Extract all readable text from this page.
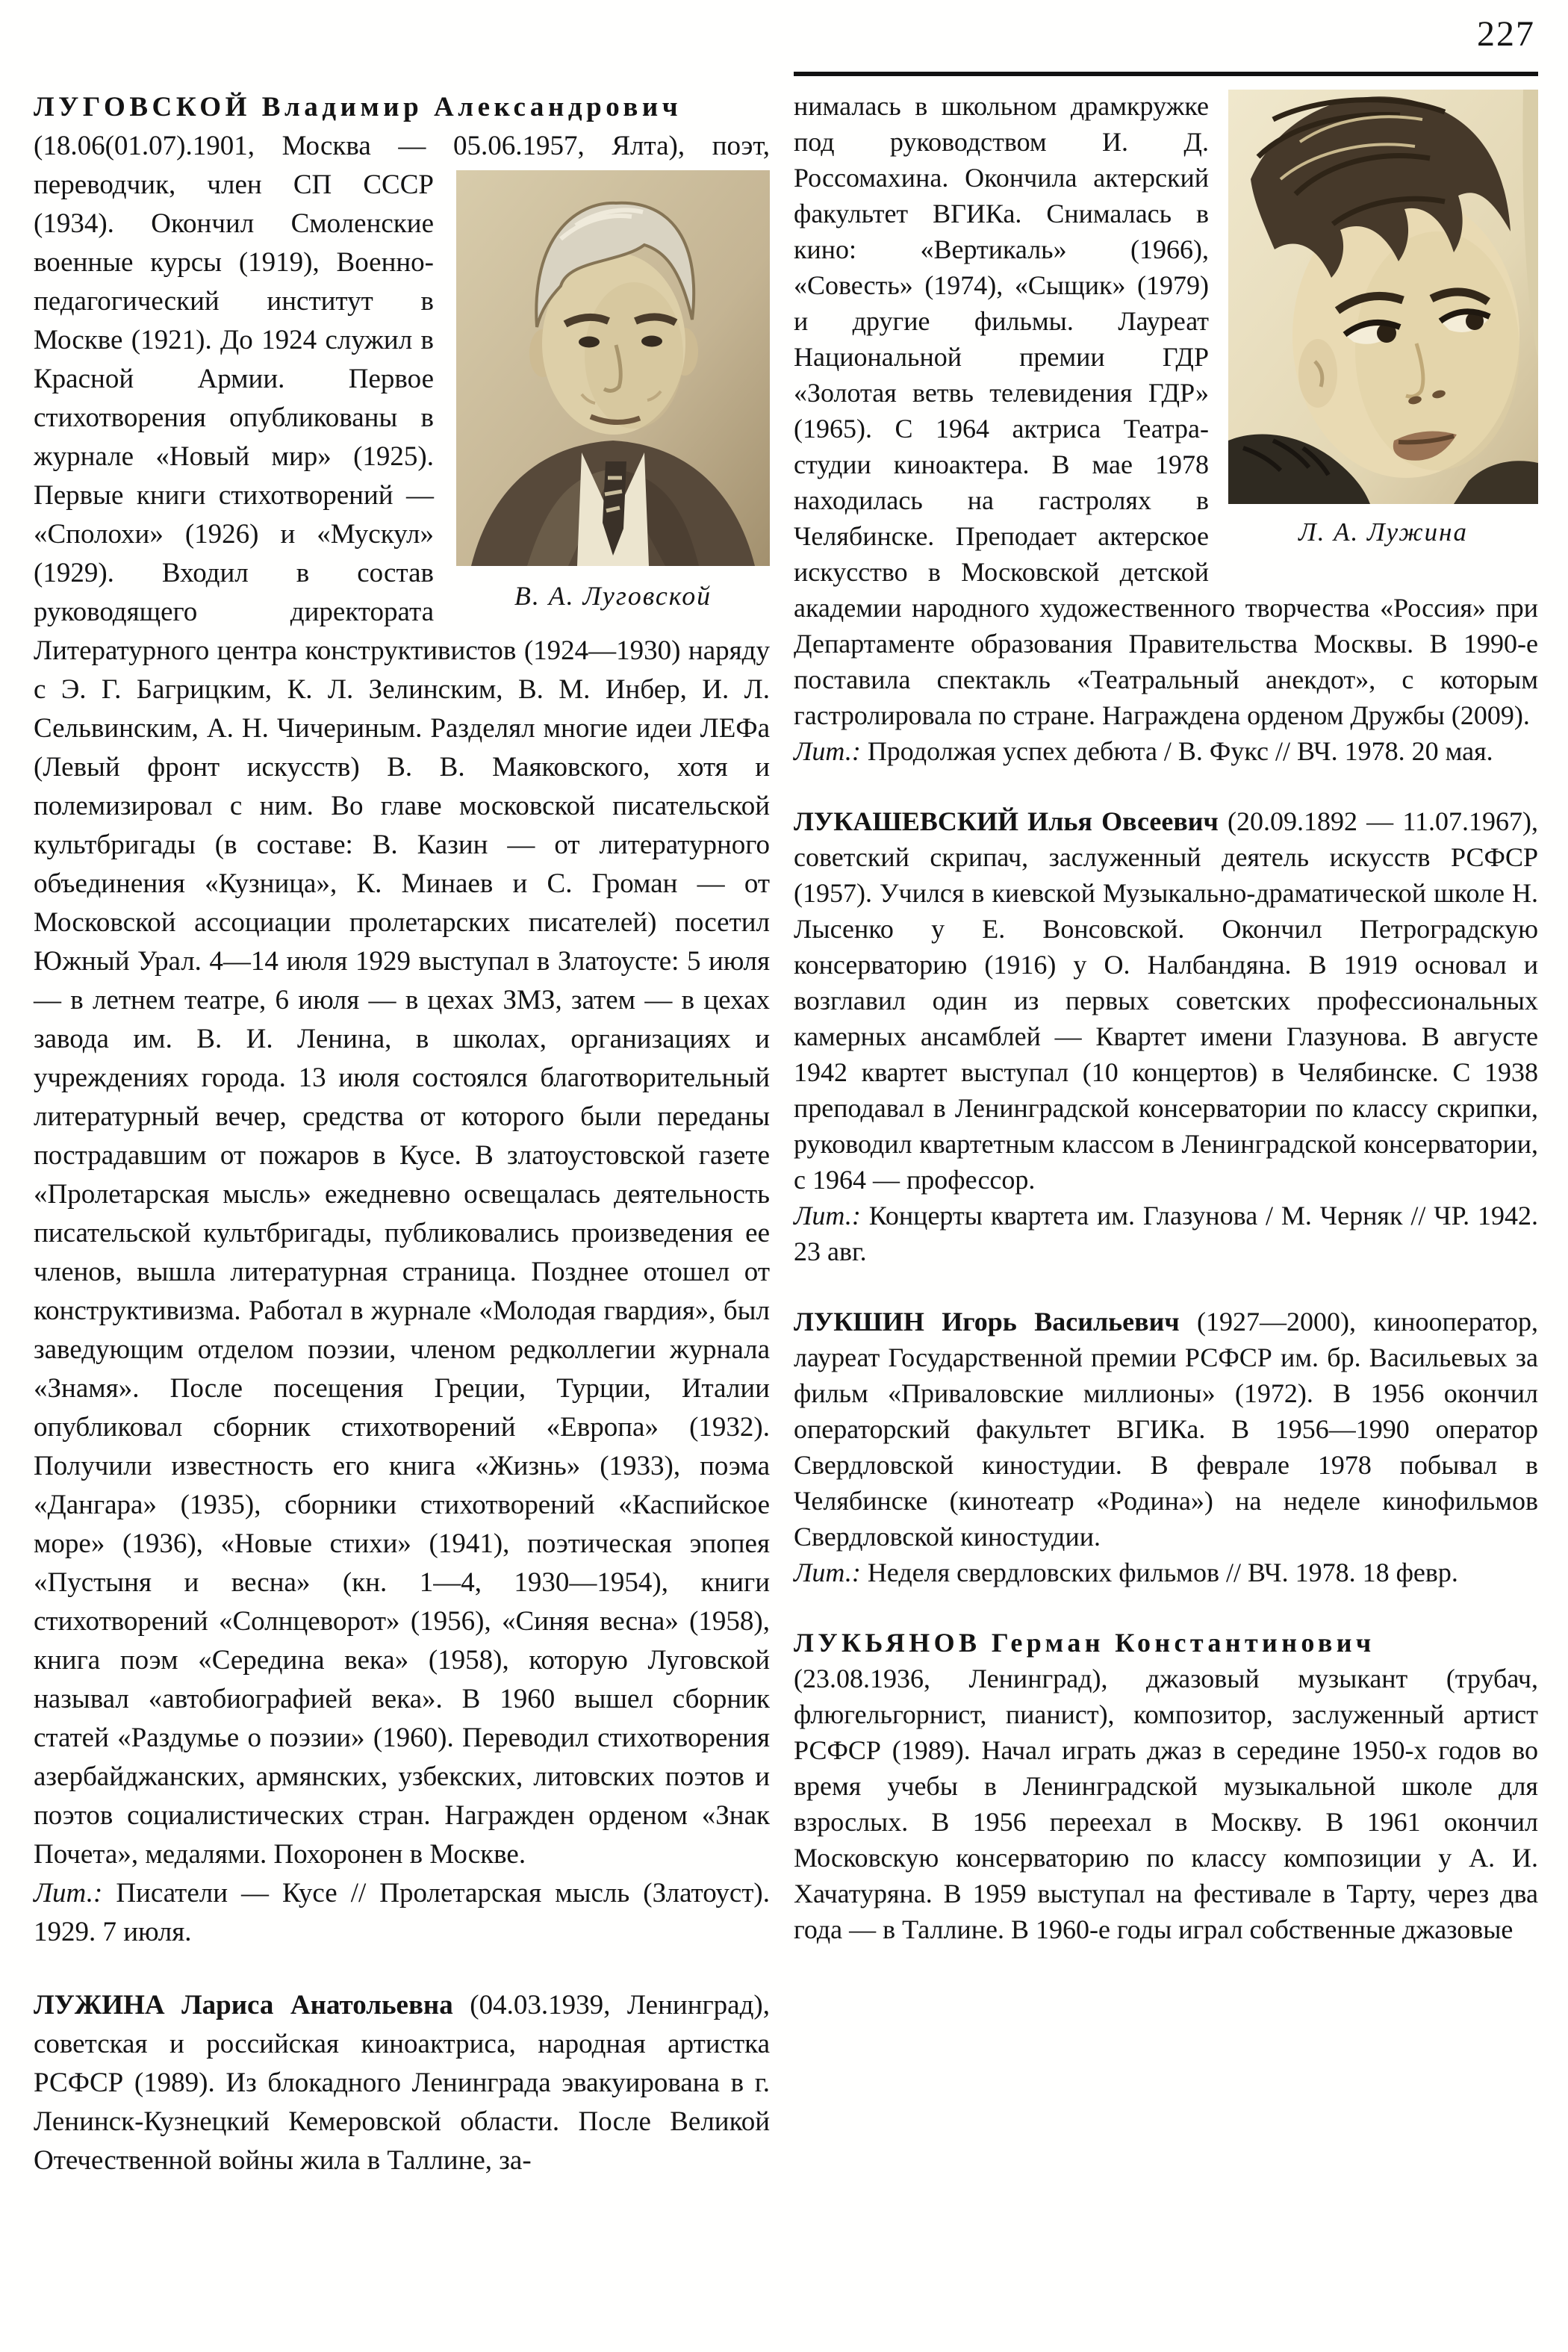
227

ЛУГОВСКОЙ Владимир Александрович (18.06(01.07).1901, Москва — 05.06.1957, Ялта),
В. А. Луговской
поэт, переводчик, член СП СССР (1934). Окончил Смоленские военные курсы (1919), Военно-педагогический институт в Москве (1921). До 1924 служил в Красной Армии. Первое стихотворения опубликованы в журнале «Новый мир» (1925). Первые книги стихотворений — «Сполохи» (1926) и «Мускул» (1929). Входил в состав руководящего директората Литературного центра конструктивистов (1924—1930) наряду с Э. Г. Багрицким, К. Л. Зелинским, В. М. Инбер, И. Л. Сельвинским, А. Н. Чичериным. Разделял многие идеи ЛЕФа (Левый фронт искусств) В. В. Маяковского, хотя и полемизировал с ним. Во главе московской писательской культбригады (в составе: В. Казин — от литературного объединения «Кузница», К. Минаев и С. Громан — от Московской ассоциации пролетарских писателей) посетил Южный Урал. 4—14 июля 1929 выступал в Златоусте: 5 июля — в летнем театре, 6 июля — в цехах ЗМЗ, затем — в цехах завода им. В. И. Ленина, в школах, организациях и учреждениях города. 13 июля состоялся благотворительный литературный вечер, средства от которого были переданы пострадавшим от пожаров в Кусе. В златоустовской газете «Пролетарская мысль» ежедневно освещалась деятельность писательской культбригады, публиковались произведения ее членов, вышла литературная страница. Позднее отошел от конструктивизма. Работал в журнале «Молодая гвардия», был заведующим отделом поэзии, членом редколлегии журнала «Знамя». После посещения Греции, Турции, Италии опубликовал сборник стихотворений «Европа» (1932). Получили известность его книга «Жизнь» (1933), поэма «Дангара» (1935), сборники стихотворений «Каспийское море» (1936), «Новые стихи» (1941), поэтическая эпопея «Пустыня и весна» (кн. 1—4, 1930—1954), книги стихотворений «Солнцеворот» (1956), «Синяя весна» (1958), книга поэм «Середина века» (1958), которую Луговской называл «автобиографией века». В 1960 вышел сборник статей «Раздумье о поэзии» (1960). Переводил стихотворения азербайджанских, армянских, узбекских, литовских поэтов и поэтов социалистических стран. Награжден орденом «Знак Почета», медалями. Похоронен в Москве.

Лит.: Писатели — Кусе // Пролетарская мысль (Златоуст). 1929. 7 июля.

ЛУЖИНА Лариса Анатольевна (04.03.1939, Ленинград), советская и российская киноактриса, народная артистка РСФСР (1989). Из блокадного Ленинграда эвакуирована в г. Ленинск-Кузнецкий Кемеровской области. После Великой Отечественной войны жила в Таллине, за-

Л. А. Лужина
нималась в школьном драмкружке под руководством И. Д. Россомахина. Окончила актерский факультет ВГИКа. Снималась в кино: «Вертикаль» (1966), «Совесть» (1974), «Сыщик» (1979) и другие фильмы. Лауреат Национальной премии ГДР «Золотая ветвь телевидения ГДР» (1965). С 1964 актриса Театра-студии киноактера. В мае 1978 находилась на гастролях в Челябинске. Преподает актерское искусство в Московской детской академии народного художественного творчества «Россия» при Департаменте образования Правительства Москвы. В 1990-е поставила спектакль «Театральный анекдот», с которым гастролировала по стране. Награждена орденом Дружбы (2009).

Лит.: Продолжая успех дебюта / В. Фукс // ВЧ. 1978. 20 мая.

ЛУКАШЕВСКИЙ Илья Овсеевич (20.09.1892 — 11.07.1967), советский скрипач, заслуженный деятель искусств РСФСР (1957). Учился в киевской Музыкально-драматической школе Н. Лысенко у Е. Вонсовской. Окончил Петроградскую консерваторию (1916) у О. Налбандяна. В 1919 основал и возглавил один из первых советских профессиональных камерных ансамблей — Квартет имени Глазунова. В августе 1942 квартет выступал (10 концертов) в Челябинске. С 1938 преподавал в Ленинградской консерватории по классу скрипки, руководил квартетным классом в Ленинградской консерватории, с 1964 — профессор.

Лит.: Концерты квартета им. Глазунова / М. Черняк // ЧР. 1942. 23 авг.

ЛУКШИН Игорь Васильевич (1927—2000), кинооператор, лауреат Государственной премии РСФСР им. бр. Васильевых за фильм «Приваловские миллионы» (1972). В 1956 окончил операторский факультет ВГИКа. В 1956—1990 оператор Свердловской киностудии. В феврале 1978 побывал в Челябинске (кинотеатр «Родина») на неделе кинофильмов Свердловской киностудии.

Лит.: Неделя свердловских фильмов // ВЧ. 1978. 18 февр.

ЛУКЬЯНОВ Герман Константинович (23.08.1936, Ленинград), джазовый музыкант (трубач, флюгельгорнист, пианист), композитор, заслуженный артист РСФСР (1989). Начал играть джаз в середине 1950-х годов во время учебы в Ленинградской музыкальной школе для взрослых. В 1956 переехал в Москву. В 1961 окончил Московскую консерваторию по классу композиции у А. И. Хачатуряна. В 1959 выступал на фестивале в Тарту, через два года — в Таллине. В 1960-е годы играл собственные джазовые
